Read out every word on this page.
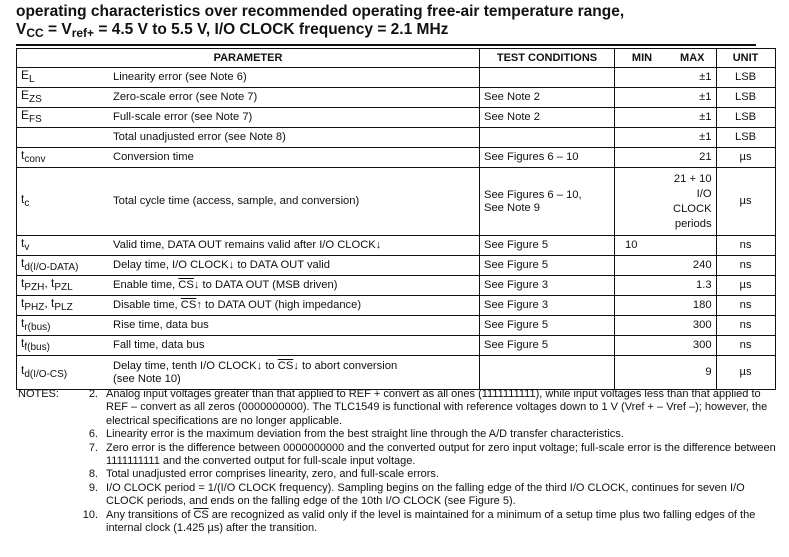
operating characteristics over recommended operating free-air temperature range,
$V_{CC} = V_{ref+} = 4.5$ V to 5.5 V, I/O CLOCK frequency = 2.1 MHz
PARAMETER		TEST CONDITIONS	MIN	MAX	UNIT
$E_L$	Linearity error (see Note 6)			±1	LSB
$E_{ZS}$	Zero-scale error (see Note 7)	See Note 2		±1	LSB
$E_{FS}$	Full-scale error (see Note 7)	See Note 2		±1	LSB
	Total unadjusted error (see Note 8)			±1	LSB
$t_{conv}$	Conversion time	See Figures 6 – 10		21	µs
$t_c$	Total cycle time (access, sample, and conversion)	See Figures 6 – 10, See Note 9		21 + 10 I/O CLOCK periods	µs
$t_v$	Valid time, DATA OUT remains valid after I/O CLOCK↓	See Figure 5	10		ns
$t_{d(I/O-DATA)}$	Delay time, I/O CLOCK↓ to DATA OUT valid	See Figure 5		240	ns
$t_{PZH}$, $t_{PZL}$	Enable time, $\overline{CS}↓$ to DATA OUT (MSB driven)	See Figure 3		1.3	µs
$t_{PHZ}$, $t_{PLZ}$	Disable time, $\overline{CS}↑$ to DATA OUT (high impedance)	See Figure 3		180	ns
$t_{r(bus)}$	Rise time, data bus	See Figure 5		300	ns
$t_{f(bus)}$	Fall time, data bus	See Figure 5		300	ns
$t_{d(I/O-CS)}$	Delay time, tenth I/O CLOCK↓ to $\overline{CS}↓$ to abort conversion
(see Note 10)			9	µs
NOTES:	2. Analog input voltages greater than that applied to REF + convert as all ones (1111111111), while input voltages less than that applied to REF – convert as all zeros (0000000000). The TLC1549 is functional with reference voltages down to 1 V (Vref + – Vref –); however, the electrical specifications are no longer applicable.
6. Linearity error is the maximum deviation from the best straight line through the A/D transfer characteristics.
7. Zero error is the difference between 0000000000 and the converted output for zero input voltage; full-scale error is the difference between 1111111111 and the converted output for full-scale input voltage.
8. Total unadjusted error comprises linearity, zero, and full-scale errors.
9. I/O CLOCK period = 1/(I/O CLOCK frequency). Sampling begins on the falling edge of the third I/O CLOCK, continues for seven I/O CLOCK periods, and ends on the falling edge of the 10th I/O CLOCK (see Figure 5).
10. Any transitions of $\overline{CS}$ are recognized as valid only if the level is maintained for a minimum of a setup time plus two falling edges of the internal clock (1.425 µs) after the transition.
